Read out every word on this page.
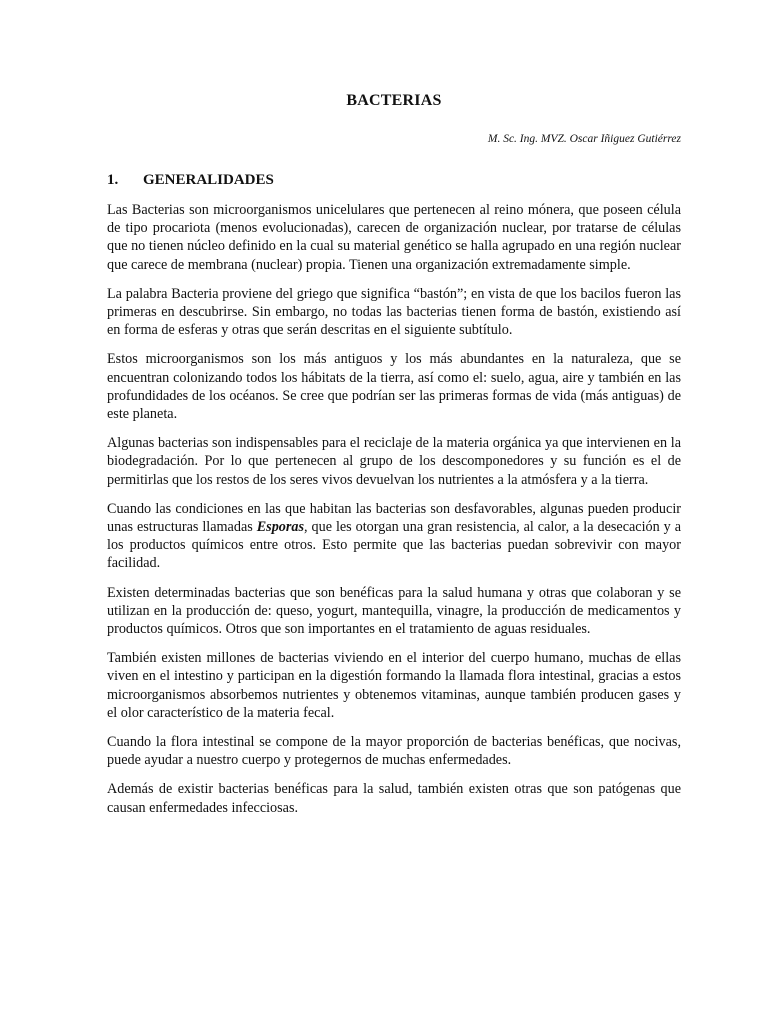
BACTERIAS
M. Sc. Ing. MVZ. Oscar Iñiguez Gutiérrez
1. GENERALIDADES

Las Bacterias son microorganismos unicelulares que pertenecen al reino mónera, que poseen célula de tipo procariota (menos evolucionadas), carecen de organización nuclear, por tratarse de células que no tienen núcleo definido en la cual su material genético se halla agrupado en una región nuclear que carece de membrana (nuclear) propia. Tienen una organización extremadamente simple.

La palabra Bacteria proviene del griego que significa “bastón”; en vista de que los bacilos fueron las primeras en descubrirse. Sin embargo, no todas las bacterias tienen forma de bastón, existiendo así en forma de esferas y otras que serán descritas en el siguiente subtítulo.

Estos microorganismos son los más antiguos y los más abundantes en la naturaleza, que se encuentran colonizando todos los hábitats de la tierra, así como el: suelo, agua, aire y también en las profundidades de los océanos. Se cree que podrían ser las primeras formas de vida (más antiguas) de este planeta.

Algunas bacterias son indispensables para el reciclaje de la materia orgánica ya que intervienen en la biodegradación. Por lo que pertenecen al grupo de los descomponedores y su función es el de permitirlas que los restos de los seres vivos devuelvan los nutrientes a la atmósfera y a la tierra.

Cuando las condiciones en las que habitan las bacterias son desfavorables, algunas pueden producir unas estructuras llamadas Esporas, que les otorgan una gran resistencia, al calor, a la desecación y a los productos químicos entre otros. Esto permite que las bacterias puedan sobrevivir con mayor facilidad.

Existen determinadas bacterias que son benéficas para la salud humana y otras que colaboran y se utilizan en la producción de: queso, yogurt, mantequilla, vinagre, la producción de medicamentos y productos químicos. Otros que son importantes en el tratamiento de aguas residuales.

También existen millones de bacterias viviendo en el interior del cuerpo humano, muchas de ellas viven en el intestino y participan en la digestión formando la llamada flora intestinal, gracias a estos microorganismos absorbemos nutrientes y obtenemos vitaminas, aunque también producen gases y el olor característico de la materia fecal.

Cuando la flora intestinal se compone de la mayor proporción de bacterias benéficas, que nocivas, puede ayudar a nuestro cuerpo y protegernos de muchas enfermedades.

Además de existir bacterias benéficas para la salud, también existen otras que son patógenas que causan enfermedades infecciosas.
